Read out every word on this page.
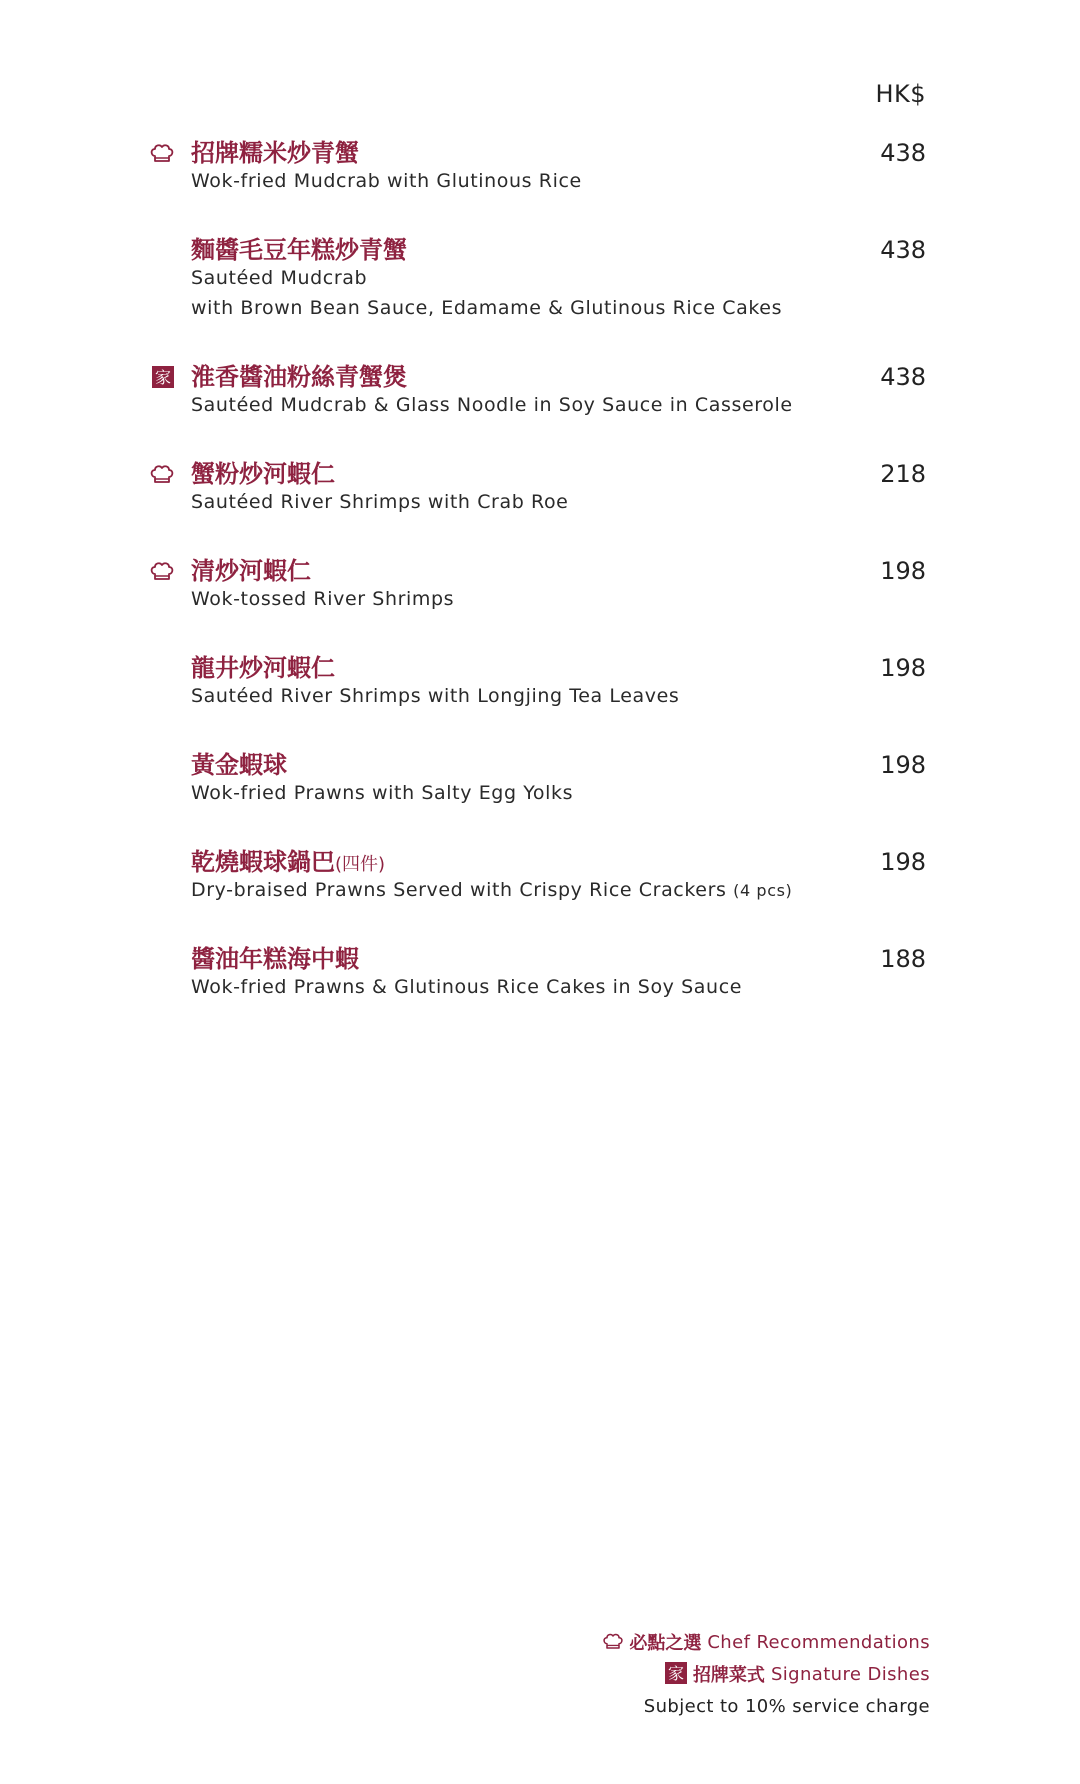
HK$
招牌糯米炒青蟹	438
Wok-fried Mudcrab with Glutinous Rice
麵醬毛豆年糕炒青蟹	438
Sautéed Mudcrab
with Brown Bean Sauce, Edamame & Glutinous Rice Cakes
家 淮香醬油粉絲青蟹煲	438
Sautéed Mudcrab & Glass Noodle in Soy Sauce in Casserole
蟹粉炒河蝦仁	218
Sautéed River Shrimps with Crab Roe
清炒河蝦仁	198
Wok-tossed River Shrimps
龍井炒河蝦仁	198
Sautéed River Shrimps with Longjing Tea Leaves
黃金蝦球	198
Wok-fried Prawns with Salty Egg Yolks
乾燒蝦球鍋巴(四件)	198
Dry-braised Prawns Served with Crispy Rice Crackers (4 pcs)
醬油年糕海中蝦	188
Wok-fried Prawns & Glutinous Rice Cakes in Soy Sauce
必點之選 Chef Recommendations
家 招牌菜式 Signature Dishes
Subject to 10% service charge
